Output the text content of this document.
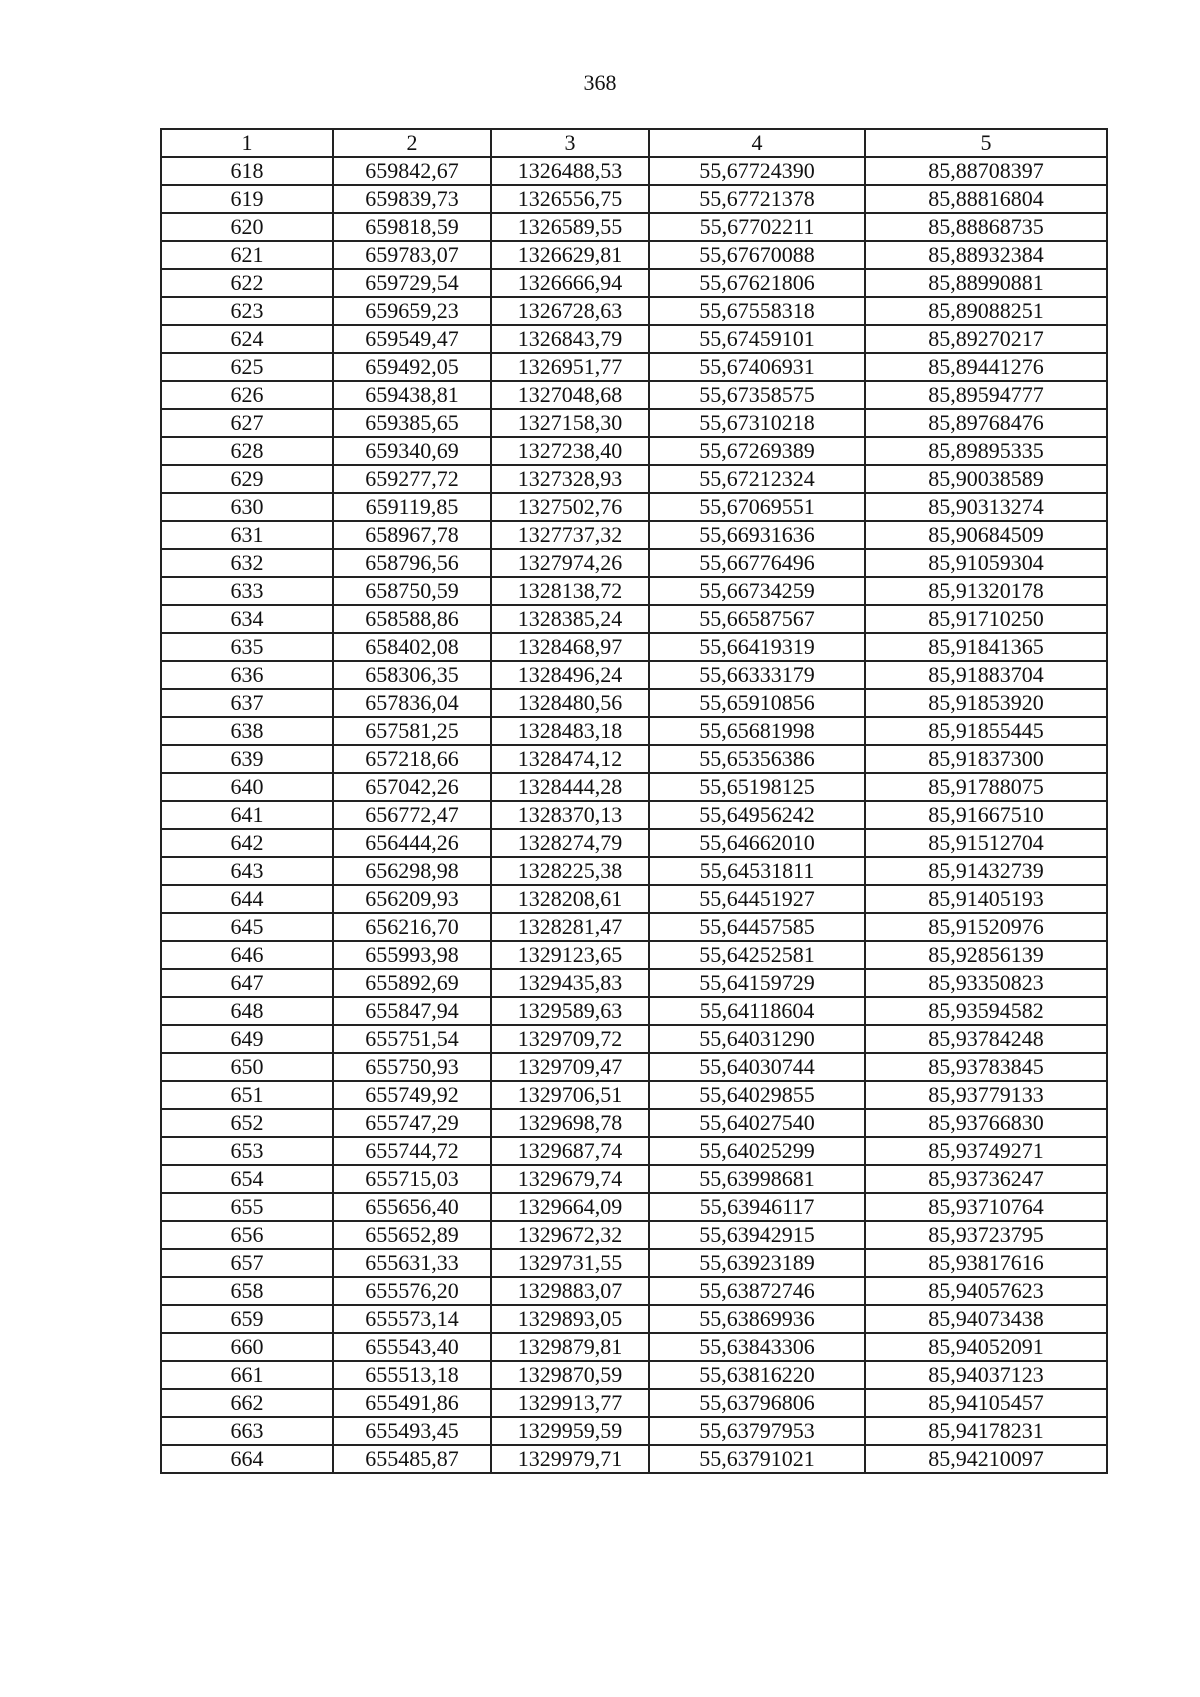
368
1	2	3	4	5
618	659842,67	1326488,53	55,67724390	85,88708397
619	659839,73	1326556,75	55,67721378	85,88816804
620	659818,59	1326589,55	55,67702211	85,88868735
621	659783,07	1326629,81	55,67670088	85,88932384
622	659729,54	1326666,94	55,67621806	85,88990881
623	659659,23	1326728,63	55,67558318	85,89088251
624	659549,47	1326843,79	55,67459101	85,89270217
625	659492,05	1326951,77	55,67406931	85,89441276
626	659438,81	1327048,68	55,67358575	85,89594777
627	659385,65	1327158,30	55,67310218	85,89768476
628	659340,69	1327238,40	55,67269389	85,89895335
629	659277,72	1327328,93	55,67212324	85,90038589
630	659119,85	1327502,76	55,67069551	85,90313274
631	658967,78	1327737,32	55,66931636	85,90684509
632	658796,56	1327974,26	55,66776496	85,91059304
633	658750,59	1328138,72	55,66734259	85,91320178
634	658588,86	1328385,24	55,66587567	85,91710250
635	658402,08	1328468,97	55,66419319	85,91841365
636	658306,35	1328496,24	55,66333179	85,91883704
637	657836,04	1328480,56	55,65910856	85,91853920
638	657581,25	1328483,18	55,65681998	85,91855445
639	657218,66	1328474,12	55,65356386	85,91837300
640	657042,26	1328444,28	55,65198125	85,91788075
641	656772,47	1328370,13	55,64956242	85,91667510
642	656444,26	1328274,79	55,64662010	85,91512704
643	656298,98	1328225,38	55,64531811	85,91432739
644	656209,93	1328208,61	55,64451927	85,91405193
645	656216,70	1328281,47	55,64457585	85,91520976
646	655993,98	1329123,65	55,64252581	85,92856139
647	655892,69	1329435,83	55,64159729	85,93350823
648	655847,94	1329589,63	55,64118604	85,93594582
649	655751,54	1329709,72	55,64031290	85,93784248
650	655750,93	1329709,47	55,64030744	85,93783845
651	655749,92	1329706,51	55,64029855	85,93779133
652	655747,29	1329698,78	55,64027540	85,93766830
653	655744,72	1329687,74	55,64025299	85,93749271
654	655715,03	1329679,74	55,63998681	85,93736247
655	655656,40	1329664,09	55,63946117	85,93710764
656	655652,89	1329672,32	55,63942915	85,93723795
657	655631,33	1329731,55	55,63923189	85,93817616
658	655576,20	1329883,07	55,63872746	85,94057623
659	655573,14	1329893,05	55,63869936	85,94073438
660	655543,40	1329879,81	55,63843306	85,94052091
661	655513,18	1329870,59	55,63816220	85,94037123
662	655491,86	1329913,77	55,63796806	85,94105457
663	655493,45	1329959,59	55,63797953	85,94178231
664	655485,87	1329979,71	55,63791021	85,94210097
